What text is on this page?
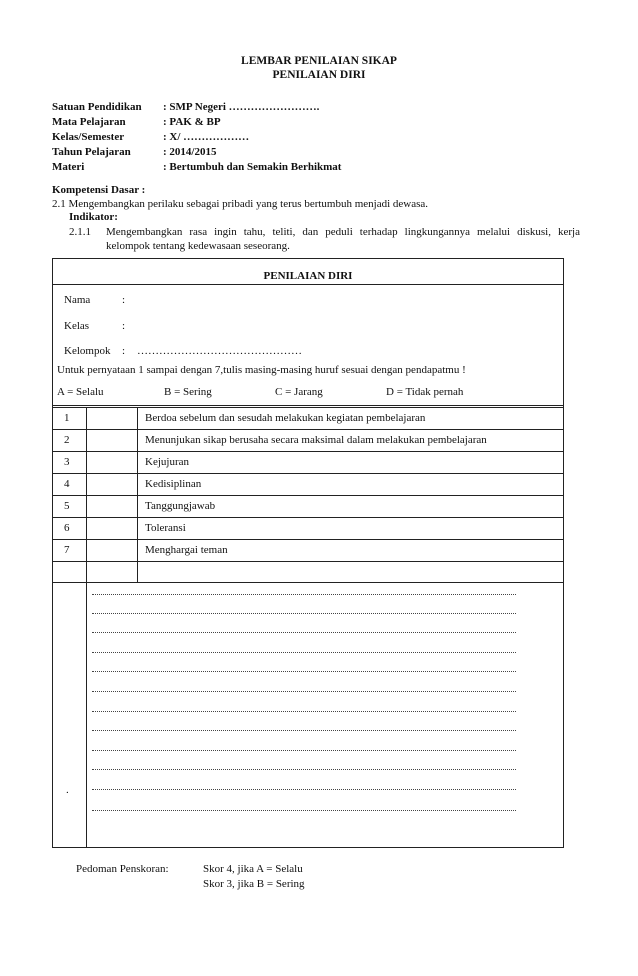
LEMBAR PENILAIAN SIKAP
PENILAIAN DIRI
Satuan Pendidikan : SMP Negeri …………………….
Mata Pelajaran	: PAK & BP
Kelas/Semester	: X/ ………………
Tahun Pelajaran	: 2014/2015
Materi	: Bertumbuh dan Semakin Berhikmat
Kompetensi Dasar :
2.1 Mengembangkan perilaku sebagai pribadi yang terus bertumbuh menjadi dewasa.
Indikator:
2.1.1 Mengembangkan rasa ingin tahu, teliti, dan peduli terhadap lingkungannya melalui diskusi, kerja
kelompok tentang kedewasaan seseorang.
PENILAIAN DIRI
Nama	:
Kelas	:
Kelompok : ………………………………………
Untuk pernyataan 1 sampai dengan 7,tulis masing-masing huruf sesuai dengan pendapatmu !
A = Selalu	B = Sering	C = Jarang	D = Tidak pernah
1	Berdoa sebelum dan sesudah melakukan kegiatan pembelajaran
2	Menunjukan sikap berusaha secara maksimal dalam melakukan pembelajaran
3	Kejujuran
4	Kedisiplinan
5	Tanggungjawab
6	Toleransi
7	Menghargai teman
.
Pedoman Penskoran:	Skor 4, jika A = Selalu
Skor 3, jika B = Sering
